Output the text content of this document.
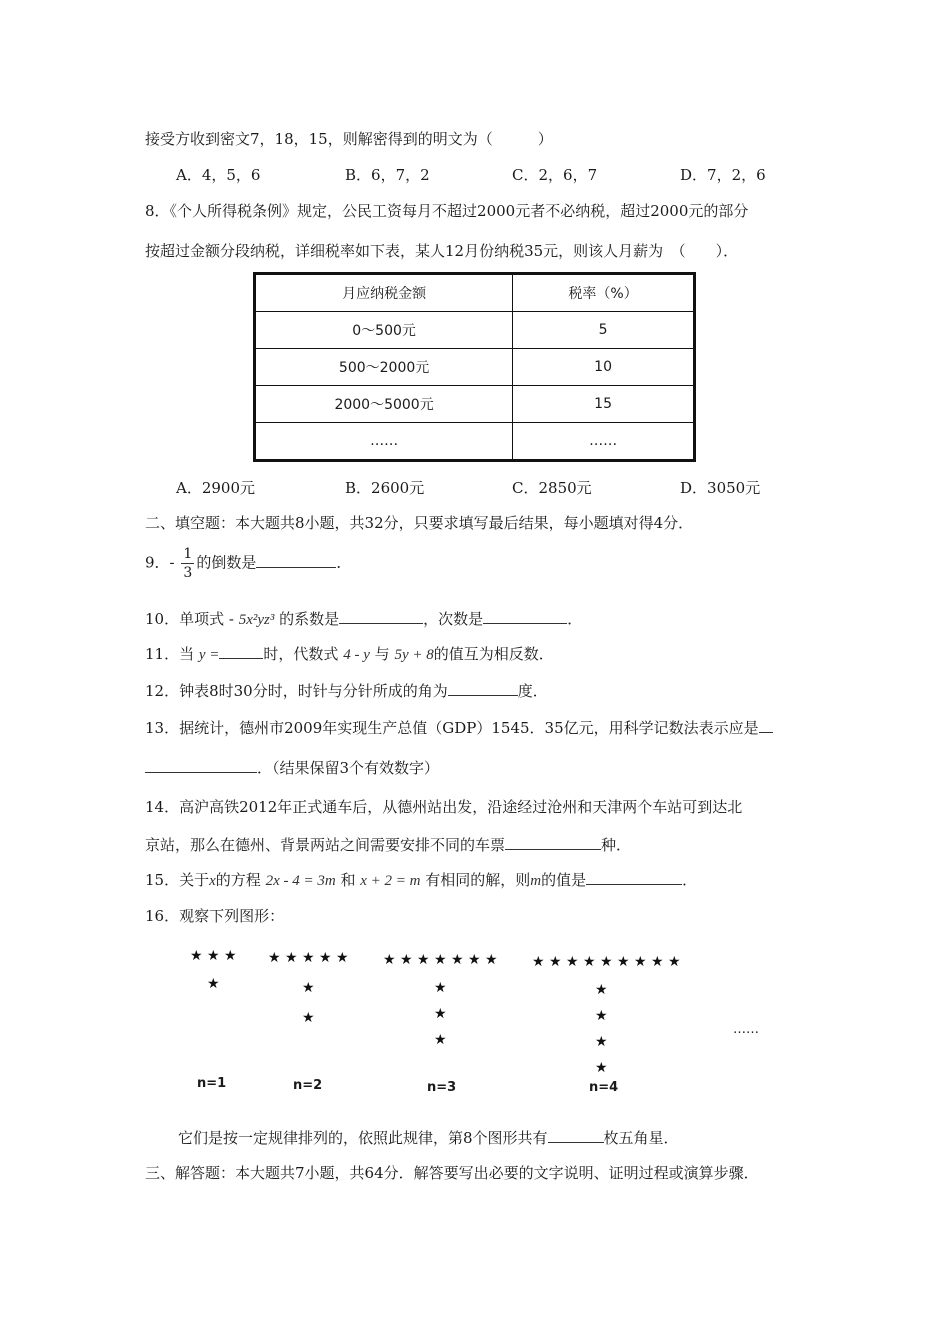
接受方收到密文7，18，15，则解密得到的明文为（　　　）
A．4，5，6	B．6，7，2	C．2，6，7	D．7，2，6
8．《个人所得税条例》规定，公民工资每月不超过2000元者不必纳税，超过2000元的部分
按超过金额分段纳税，详细税率如下表，某人12月份纳税35元，则该人月薪为　（　　）．
月应纳税金额	税率（%）
0～500元	5
500～2000元	10
2000～5000元	15
……	……
A．2900元	B．2600元	C．2850元	D．3050元
二、填空题：本大题共8小题，共32分，只要求填写最后结果，每小题填对得4分．
9．- $\frac{1}{3}$ 的倒数是	．
10．单项式 - 5x²yz³ 的系数是	，次数是	．
11．当 y =	时，代数式 4 - y 与 5y + 8的值互为相反数．
12．钟表8时30分时，时针与分针所成的角为	度．
13．据统计，德州市2009年实现生产总值（GDP）1545．35亿元，用科学记数法表示应是
．（结果保留3个有效数字）
14．高沪高铁2012年正式通车后，从德州站出发，沿途经过沧州和天津两个车站可到达北
京站，那么在德州、背景两站之间需要安排不同的车票	种．
15．关于x的方程 2x - 4 = 3m 和 x + 2 = m 有相同的解，则m的值是	．
16．观察下列图形：
★ ★ ★
★
n=1
★ ★ ★ ★ ★
★
★
n=2
★ ★ ★ ★ ★ ★ ★
★
★
★
n=3
★ ★ ★ ★ ★ ★ ★ ★ ★
★
★
★
★
n=4
……
它们是按一定规律排列的，依照此规律，第8个图形共有	枚五角星．
三、解答题：本大题共7小题，共64分．解答要写出必要的文字说明、证明过程或演算步骤．
